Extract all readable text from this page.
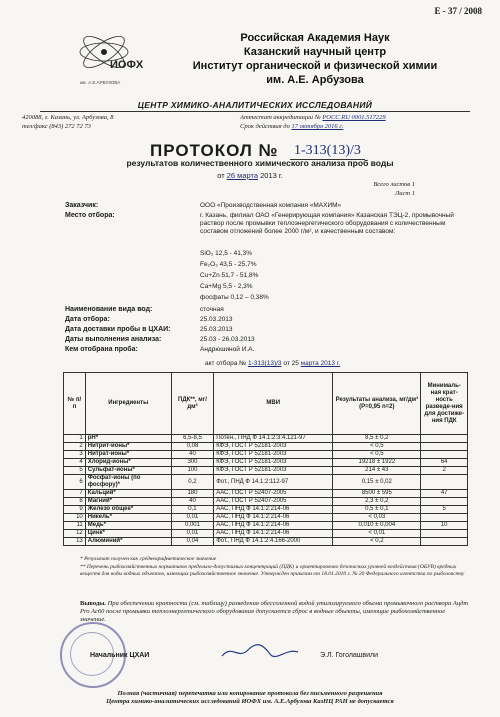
E - 37 / 2008
ИОФХ
им. А.Е.АРБУЗОВА
Российская Академия Наук
Казанский научный центр
Институт органической и физической химии
им. А.Е. Арбузова
ЦЕНТР ХИМИКО-АНАЛИТИЧЕСКИХ ИССЛЕДОВАНИЙ
420088, г. Казань, ул. Арбузова, 8
тел/факс (843) 272 72 73
Аттестат аккредитации № РОСС RU 0001.517229
Срок действия до 17 октября 2016 г.
ПРОТОКОЛ № 1-313(13)/3
результатов количественного химического анализа проб воды
от 26 марта 2013 г.
Всего листов 1
Лист 1
Заказчик:	ООО «Производственная компания «МАХИМ»
Место отбора:	г. Казань, филиал ОАО «Генерирующая компания» Казанская ТЭЦ-2, промывочный раствор после промывки теплоэнергетического оборудования с количественным составом отложений более 2000 г/м², и качественным составом:
SiO₂ 12,5 - 41,3%
Fe₂O₃ 43,5 - 25,7%
Cu+Zn 51,7 - 51,8%
Ca+Mg 5,5 - 2,3%
фосфаты 0,12 – 0,38%
Наименование вида вод:	сточная
Дата отбора:	25.03.2013
Дата доставки пробы в ЦХАИ:	25.03.2013
Даты выполнения анализа:	25.03 - 26.03.2013
Кем отобрана проба:	Андрюшиной И.А.
акт отбора № 1-313(13)/3 от 25 марта 2013 г.
№ п/п	Ингредиенты	ПДК**, мг/дм³	МВИ	Результаты анализа, мг/дм³ (P=0,95 n=2)	Минималь-ная крат-ность разведе-ния для достиже-ния ПДК
1	рН*	6,5-8,5	Потен., ПНД Ф 14.1:2:3:4.121-97	8,5 ± 0,2	
2	Нитрит-ионы*	0,08	КФЭ, ГОСТ Р 52181-2003	< 0,5	
3	Нитрат-ионы*	40	КФЭ, ГОСТ Р 52181-2003	< 0,5	
4	Хлорид-ионы*	300	КФЭ, ГОСТ Р 52181-2003	19218 ± 1922	64
5	Сульфат-ионы*	100	КФЭ, ГОСТ Р 52181-2003	214 ± 43	2
6	Фосфат-ионы (по фосфору)*	0,2	Фот., ПНД Ф 14.1:2:112-97	0,15 ± 0,02	
7	Кальций*	180	ААС, ГОСТ Р 52407-2005	8500 ± 595	47
8	Магний*	40	ААС, ГОСТ Р 52407-2005	2,3 ± 0,2	
9	Железо общее*	0,1	ААС, ПНД Ф 14.1:2:214-06	0,5 ± 0,1	5
10	Никель*	0,01	ААС, ПНД Ф 14.1:2:214-06	< 0,03	
11	Медь*	0,001	ААС, ПНД Ф 14.1:2:214-06	0,010 ± 0,004	10
12	Цинк*	0,01	ААС, ПНД Ф 14.1:2:214-06	< 0,01	
13	Алюминий*	0,04	Фот., ПНД Ф 14.1:2:4.166-2000	< 0,2	
* Результат получен как среднеарифметическое значение
** Перечень рыбохозяйственных нормативов предельно-допустимых концентраций (ПДК) и ориентировочно безопасных уровней воздействия (ОБУВ) вредных веществ для воды водных объектов, имеющих рыбохозяйственное значение. Утвержден приказом от 18.01.2010 г. № 20 Федерального агентства по рыболовству
Выводы. При обеспечении кратности (см. таблицу) разведения обессоленной водой утилизируемого объема промывочного раствора Ацдт Pro Ac60 после промывки теплоэнергетического оборудования допускается сброс в водные объекты, имеющие рыбохозяйственное значение.
Начальник ЦХАИ	Э.Л. Гоголашвили
Полная (частичная) перепечатка или копирование протокола без письменного разрешения
Центра химико-аналитических исследований ИОФХ им. А.Е.Арбузова КазНЦ РАН не допускается
